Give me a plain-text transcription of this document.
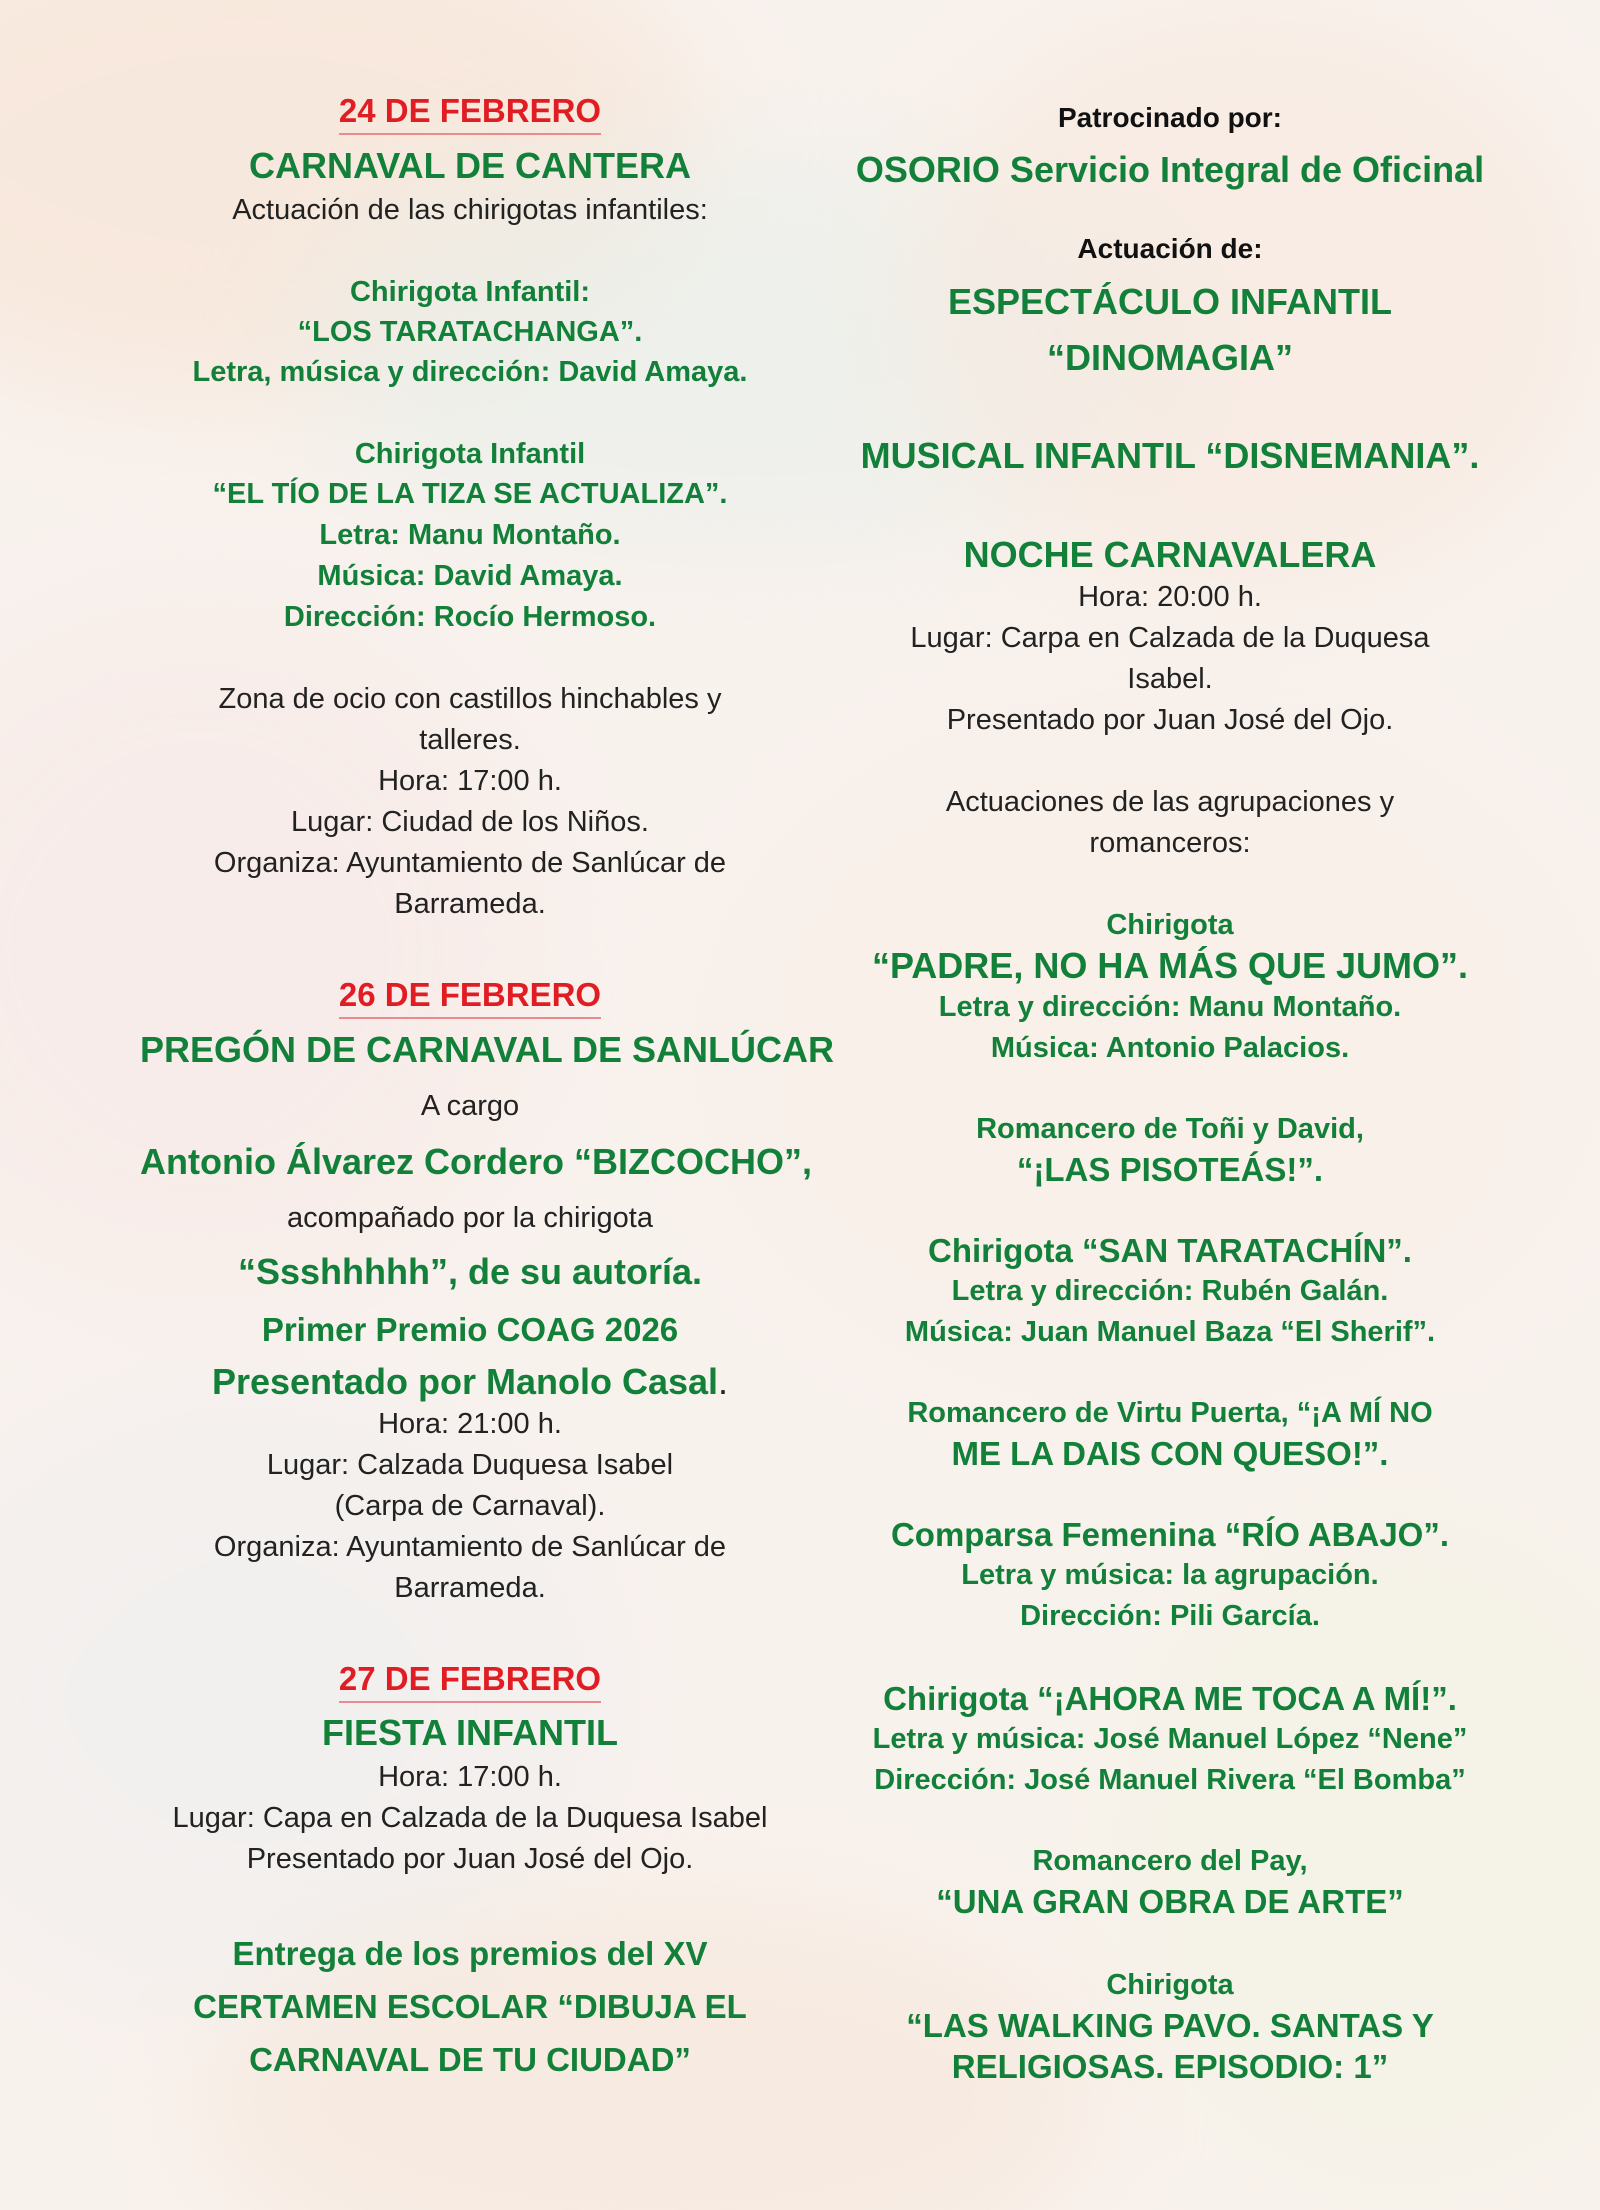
24 DE FEBRERO
CARNAVAL DE CANTERA
Actuación de las chirigotas infantiles:
Chirigota Infantil:
“LOS TARATACHANGA”.
Letra, música y dirección: David Amaya.
Chirigota Infantil
“EL TÍO DE LA TIZA SE ACTUALIZA”.
Letra: Manu Montaño.
Música: David Amaya.
Dirección: Rocío Hermoso.
Zona de ocio con castillos hinchables y
talleres.
Hora: 17:00 h.
Lugar: Ciudad de los Niños.
Organiza: Ayuntamiento de Sanlúcar de
Barrameda.
26 DE FEBRERO
PREGÓN DE CARNAVAL DE SANLÚCAR
A cargo
Antonio Álvarez Cordero “BIZCOCHO”,
acompañado por la chirigota
“Ssshhhhh”, de su autoría.
Primer Premio COAG 2026
Presentado por Manolo Casal.
Hora: 21:00 h.
Lugar: Calzada Duquesa Isabel
(Carpa de Carnaval).
Organiza: Ayuntamiento de Sanlúcar de
Barrameda.
27 DE FEBRERO
FIESTA INFANTIL
Hora: 17:00 h.
Lugar: Capa en Calzada de la Duquesa Isabel
Presentado por Juan José del Ojo.
Entrega de los premios del XV
CERTAMEN ESCOLAR “DIBUJA EL
CARNAVAL DE TU CIUDAD”
Patrocinado por:
OSORIO Servicio Integral de Oficinal
Actuación de:
ESPECTÁCULO INFANTIL
“DINOMAGIA”
MUSICAL INFANTIL “DISNEMANIA”.
NOCHE CARNAVALERA
Hora: 20:00 h.
Lugar: Carpa en Calzada de la Duquesa
Isabel.
Presentado por Juan José del Ojo.
Actuaciones de las agrupaciones y
romanceros:
Chirigota
“PADRE, NO HA MÁS QUE JUMO”.
Letra y dirección: Manu Montaño.
Música: Antonio Palacios.
Romancero de Toñi y David,
“¡LAS PISOTEÁS!”.
Chirigota “SAN TARATACHÍN”.
Letra y dirección: Rubén Galán.
Música: Juan Manuel Baza “El Sherif”.
Romancero de Virtu Puerta, “¡A MÍ NO
ME LA DAIS CON QUESO!”.
Comparsa Femenina “RÍO ABAJO”.
Letra y música: la agrupación.
Dirección: Pili García.
Chirigota “¡AHORA ME TOCA A MÍ!”.
Letra y música: José Manuel López “Nene”
Dirección: José Manuel Rivera “El Bomba”
Romancero del Pay,
“UNA GRAN OBRA DE ARTE”
Chirigota
“LAS WALKING PAVO. SANTAS Y
RELIGIOSAS. EPISODIO: 1”
